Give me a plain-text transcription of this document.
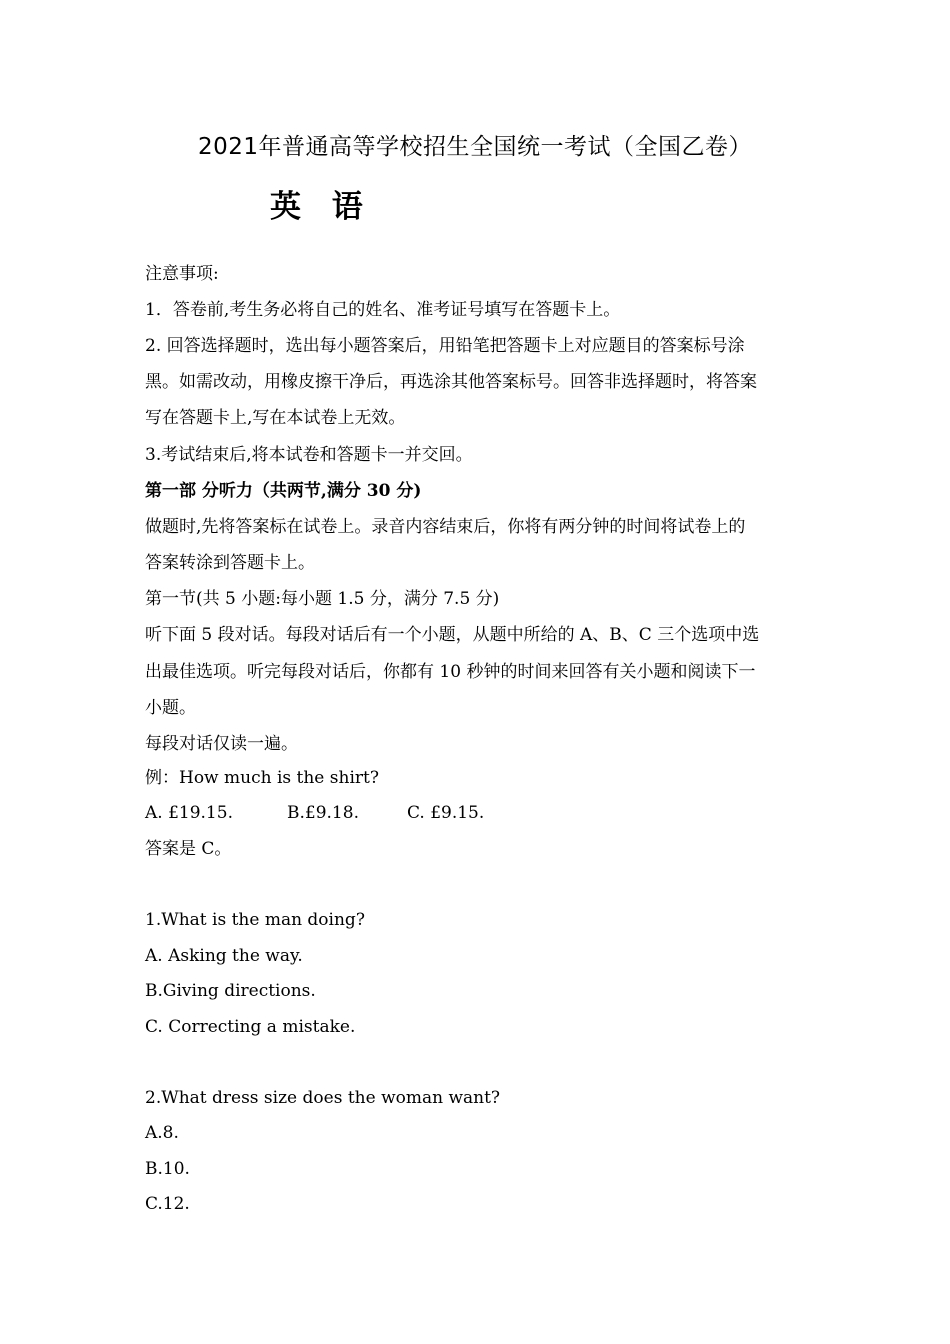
2021年普通高等学校招生全国统一考试（全国乙卷）
英 语
注意事项:
1．答卷前,考生务必将自己的姓名、准考证号填写在答题卡上。
2. 回答选择题时，选出每小题答案后，用铅笔把答题卡上对应题目的答案标号涂
黑。如需改动，用橡皮擦干净后，再选涂其他答案标号。回答非选择题时，将答案
写在答题卡上,写在本试卷上无效。
3.考试结束后,将本试卷和答题卡一并交回。
第一部 分听力（共两节,满分 30 分)
做题时,先将答案标在试卷上。录音内容结束后，你将有两分钟的时间将试卷上的
答案转涂到答题卡上。
第一节(共 5 小题:每小题 1.5 分，满分 7.5 分)
听下面 5 段对话。每段对话后有一个小题，从题中所给的 A、B、C 三个选项中选
出最佳选项。听完每段对话后，你都有 10 秒钟的时间来回答有关小题和阅读下一
小题。
每段对话仅读一遍。
例：How much is the shirt?
A. £19.15.	B.£9.18.	C. £9.15.
答案是 C。
1.What is the man doing?
A. Asking the way.
B.Giving directions.
C. Correcting a mistake.
2.What dress size does the woman want?
A.8.
B.10.
C.12.
